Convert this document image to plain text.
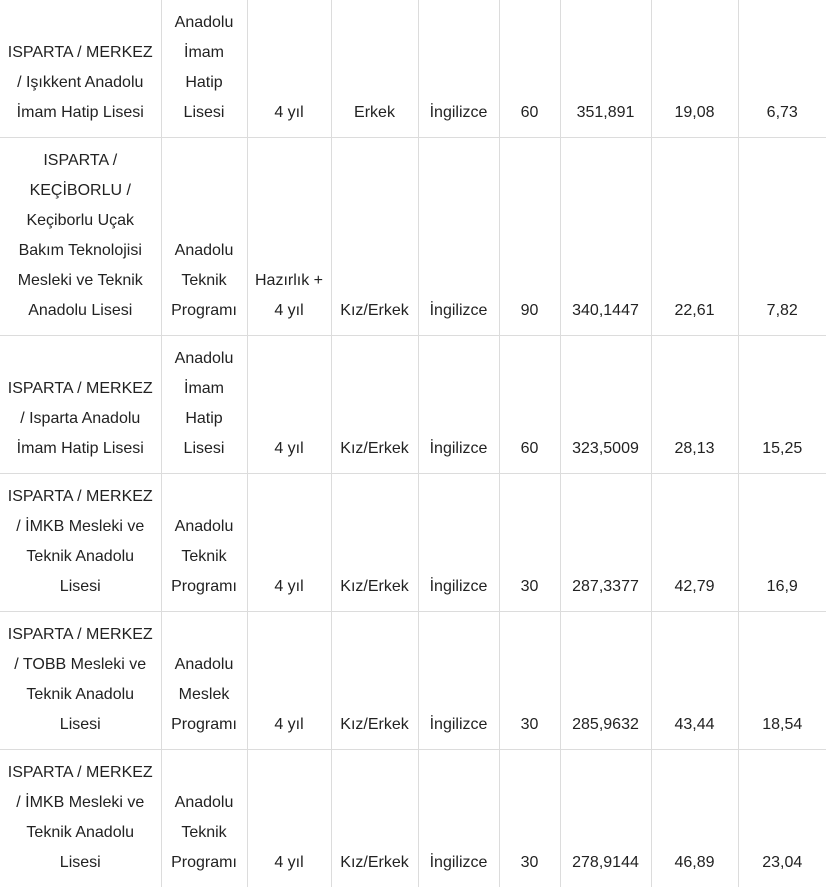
ISPARTA / MERKEZ / Işıkkent Anadolu İmam Hatip Lisesi	Anadolu İmam Hatip Lisesi	4 yıl	Erkek	İngilizce	60	351,891	19,08	6,73
ISPARTA / KEÇİBORLU / Keçiborlu Uçak Bakım Teknolojisi Mesleki ve Teknik Anadolu Lisesi	Anadolu Teknik Programı	Hazırlık + 4 yıl	Kız/Erkek	İngilizce	90	340,1447	22,61	7,82
ISPARTA / MERKEZ / Isparta Anadolu İmam Hatip Lisesi	Anadolu İmam Hatip Lisesi	4 yıl	Kız/Erkek	İngilizce	60	323,5009	28,13	15,25
ISPARTA / MERKEZ / İMKB Mesleki ve Teknik Anadolu Lisesi	Anadolu Teknik Programı	4 yıl	Kız/Erkek	İngilizce	30	287,3377	42,79	16,9
ISPARTA / MERKEZ / TOBB Mesleki ve Teknik Anadolu Lisesi	Anadolu Meslek Programı	4 yıl	Kız/Erkek	İngilizce	30	285,9632	43,44	18,54
ISPARTA / MERKEZ / İMKB Mesleki ve Teknik Anadolu Lisesi	Anadolu Teknik Programı	4 yıl	Kız/Erkek	İngilizce	30	278,9144	46,89	23,04
